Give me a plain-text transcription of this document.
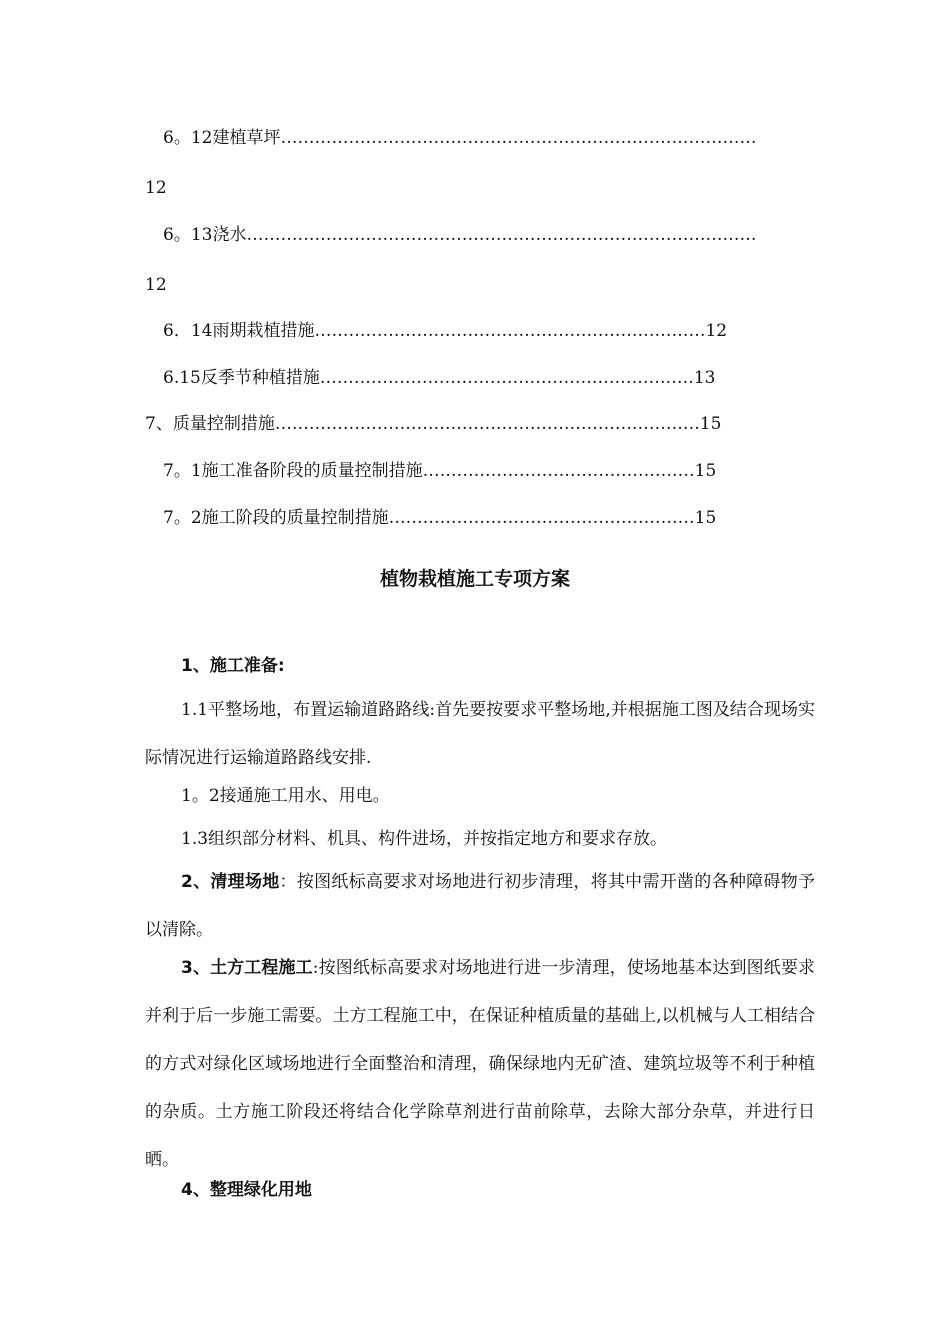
6。12建植草坪…………………………………………………………………………
12
6。13浇水………………………………………………………………………………
12
6．14雨期栽植措施……………………………………………………………12
6.15反季节种植措施…………………………………………………………13
7、质量控制措施…………………………………………………………………15
7。1施工准备阶段的质量控制措施…………………………………………15
7。2施工阶段的质量控制措施………………………………………………15
植物栽植施工专项方案
1、施工准备:
1.1平整场地，布置运输道路路线:首先要按要求平整场地,并根据施工图及结合现场实际情况进行运输道路路线安排.
1。2接通施工用水、用电。
1.3组织部分材料、机具、构件进场，并按指定地方和要求存放。
2、清理场地：按图纸标高要求对场地进行初步清理，将其中需开凿的各种障碍物予以清除。
3、土方工程施工:按图纸标高要求对场地进行进一步清理，使场地基本达到图纸要求并利于后一步施工需要。土方工程施工中，在保证种植质量的基础上,以机械与人工相结合的方式对绿化区域场地进行全面整治和清理，确保绿地内无矿渣、建筑垃圾等不利于种植的杂质。土方施工阶段还将结合化学除草剂进行苗前除草，去除大部分杂草，并进行日晒。
4、整理绿化用地
